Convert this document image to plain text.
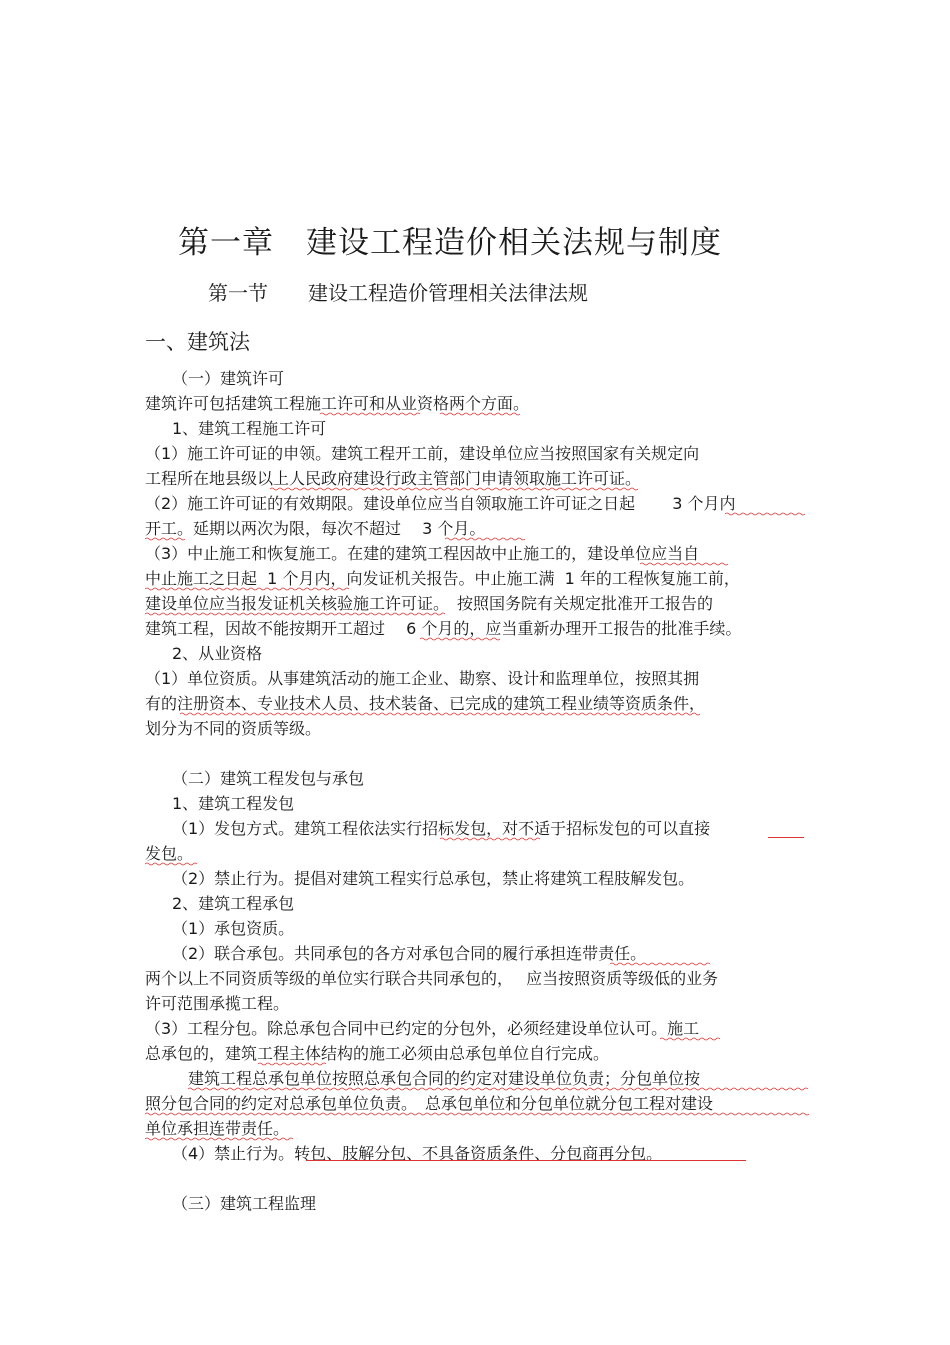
第一章　建设工程造价相关法规与制度
第一节　　建设工程造价管理相关法律法规
一、建筑法
（一）建筑许可
建筑许可包括建筑工程施工许可和从业资格两个方面。
1、建筑工程施工许可
（1）施工许可证的申领。建筑工程开工前，建设单位应当按照国家有关规定向
工程所在地县级以上人民政府建设行政主管部门申请领取施工许可证。
（2）施工许可证的有效期限。建设单位应当自领取施工许可证之日起　　 3 个月内
开工。延期以两次为限，每次不超过　 3 个月。
（3）中止施工和恢复施工。在建的建筑工程因故中止施工的，建设单位应当自
中止施工之日起  1 个月内，向发证机关报告。中止施工满  1 年的工程恢复施工前，
建设单位应当报发证机关核验施工许可证。　按照国务院有关规定批准开工报告的
建筑工程，因故不能按期开工超过　 6 个月的，应当重新办理开工报告的批准手续。
2、从业资格
（1）单位资质。从事建筑活动的施工企业、勘察、设计和监理单位，按照其拥
有的注册资本、专业技术人员、技术装备、已完成的建筑工程业绩等资质条件，
划分为不同的资质等级。
（二）建筑工程发包与承包
1、建筑工程发包
（1）发包方式。建筑工程依法实行招标发包，对不适于招标发包的可以直接
发包。
（2）禁止行为。提倡对建筑工程实行总承包，禁止将建筑工程肢解发包。
2、建筑工程承包
（1）承包资质。
（2）联合承包。共同承包的各方对承包合同的履行承担连带责任。
两个以上不同资质等级的单位实行联合共同承包的，　 应当按照资质等级低的业务
许可范围承揽工程。
（3）工程分包。除总承包合同中已约定的分包外，必须经建设单位认可。施工
总承包的，建筑工程主体结构的施工必须由总承包单位自行完成。
建筑工程总承包单位按照总承包合同的约定对建设单位负责；分包单位按
照分包合同的约定对总承包单位负责。　总承包单位和分包单位就分包工程对建设
单位承担连带责任。
（4）禁止行为。转包、肢解分包、不具备资质条件、分包商再分包。
（三）建筑工程监理
